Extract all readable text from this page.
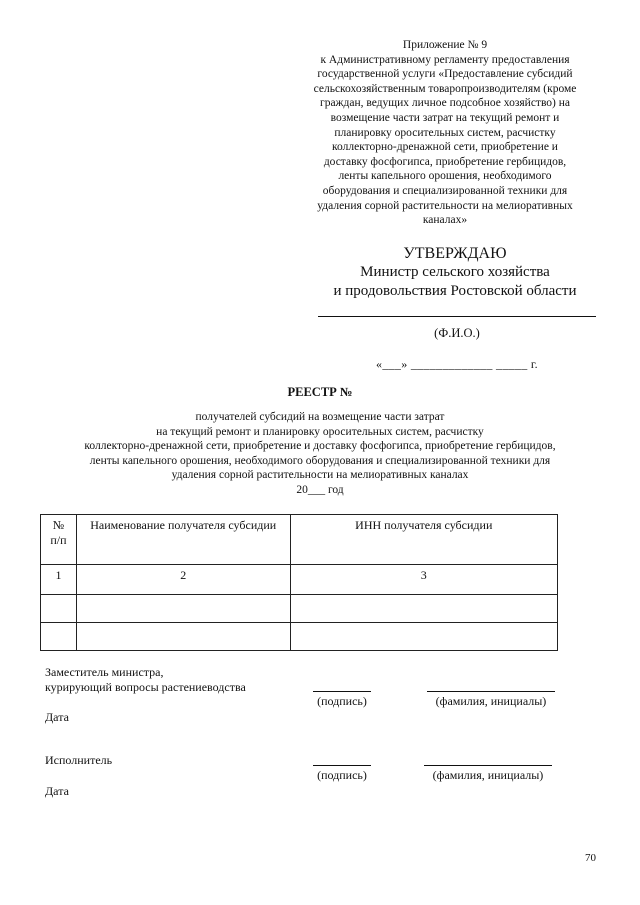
Приложение № 9
к Административному регламенту предоставления
государственной услуги «Предоставление субсидий
сельскохозяйственным товаропроизводителям (кроме
граждан, ведущих личное подсобное хозяйство) на
возмещение части затрат на текущий ремонт и
планировку оросительных систем, расчистку
коллекторно-дренажной сети, приобретение и
доставку фосфогипса, приобретение гербицидов,
ленты капельного орошения, необходимого
оборудования и специализированной техники для
удаления сорной растительности на мелиоративных
каналах»
УТВЕРЖДАЮ
Министр сельского хозяйства
и продовольствия Ростовской области
(Ф.И.О.)
«___» _____________ _____ г.
РЕЕСТР №
получателей субсидий на возмещение части затрат
на текущий ремонт и планировку оросительных систем, расчистку
коллекторно-дренажной сети, приобретение и доставку фосфогипса, приобретение гербицидов,
ленты капельного орошения, необходимого оборудования и специализированной техники для
удаления сорной растительности на мелиоративных каналах
20___ год
№
п/п	Наименование получателя субсидии	ИНН получателя субсидии

1	2	3

Заместитель министра,
курирующий вопросы растениеводства
(подпись)	(фамилия, инициалы)
Дата
Исполнитель
(подпись)	(фамилия, инициалы)
Дата
70
